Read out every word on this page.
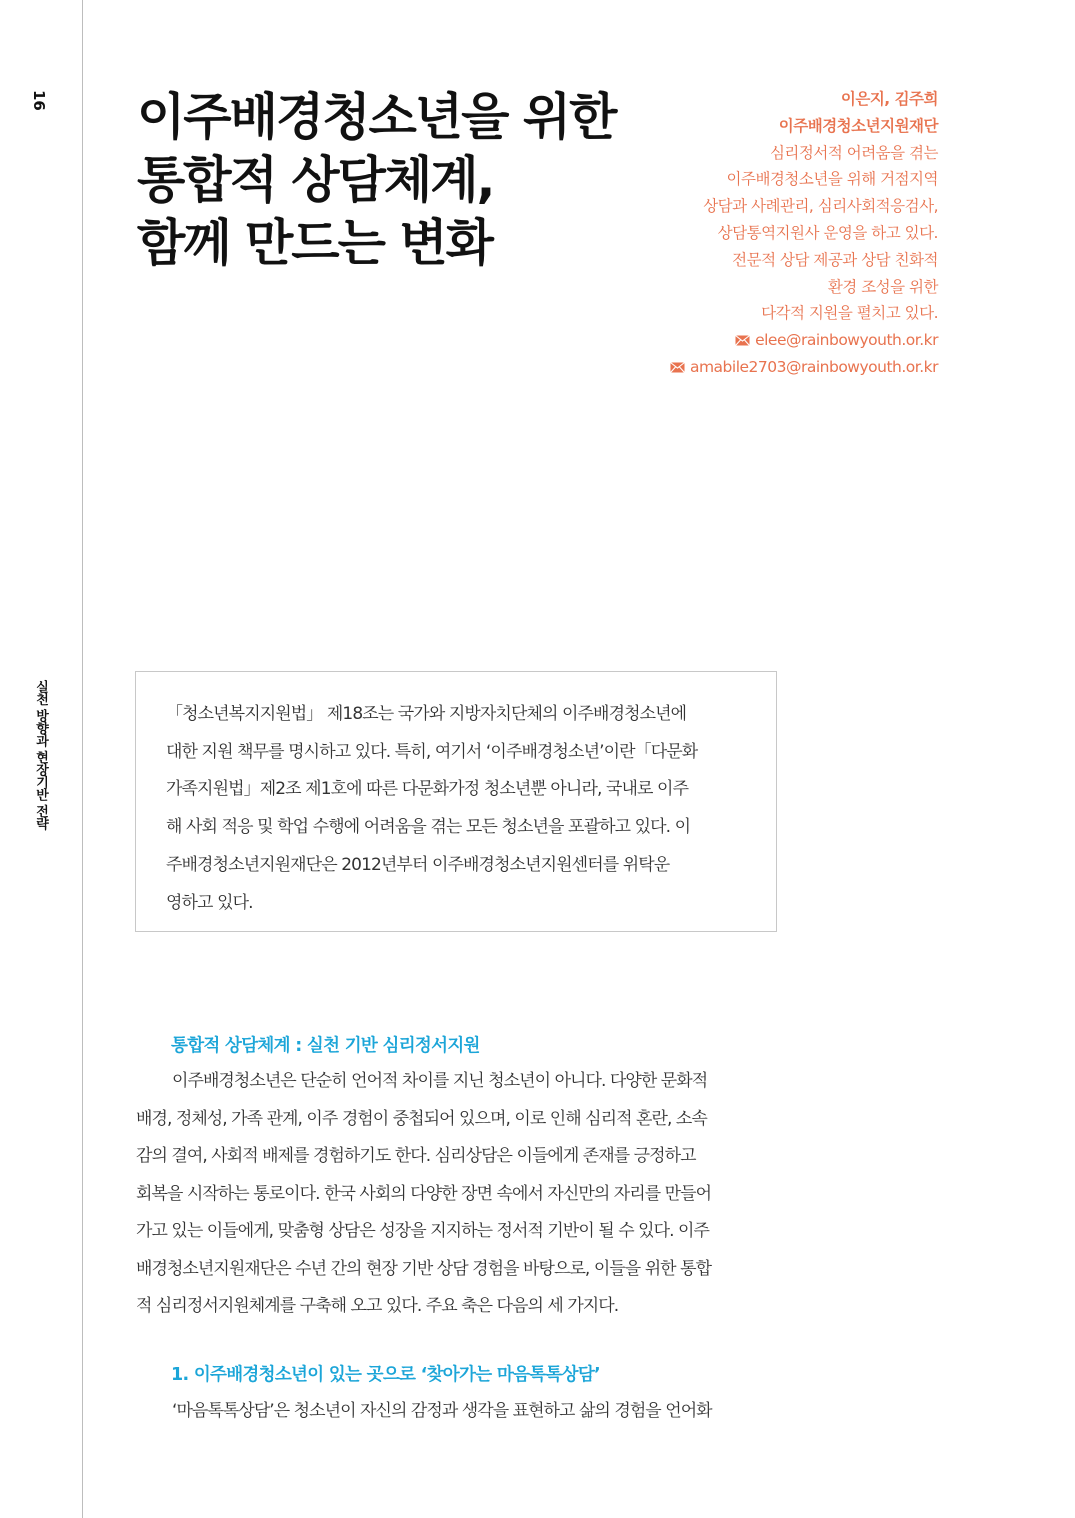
16
실천 방향과 현장기반 전략
이주배경청소년을 위한
통합적 상담체계,
함께 만드는 변화
이은지, 김주희
이주배경청소년지원재단
심리정서적 어려움을 겪는
이주배경청소년을 위해 거점지역
상담과 사례관리, 심리사회적응검사,
상담통역지원사 운영을 하고 있다.
전문적 상담 제공과 상담 친화적
환경 조성을 위한
다각적 지원을 펼치고 있다.
elee@rainbowyouth.or.kr
amabile2703@rainbowyouth.or.kr
「청소년복지지원법」 제18조는 국가와 지방자치단체의 이주배경청소년에
대한 지원 책무를 명시하고 있다. 특히, 여기서 ‘이주배경청소년’이란「다문화
가족지원법」제2조 제1호에 따른 다문화가정 청소년뿐 아니라, 국내로 이주
해 사회 적응 및 학업 수행에 어려움을 겪는 모든 청소년을 포괄하고 있다. 이
주배경청소년지원재단은 2012년부터 이주배경청소년지원센터를 위탁운
영하고 있다.
통합적 상담체계 : 실천 기반 심리정서지원
이주배경청소년은 단순히 언어적 차이를 지닌 청소년이 아니다. 다양한 문화적
배경, 정체성, 가족 관계, 이주 경험이 중첩되어 있으며, 이로 인해 심리적 혼란, 소속
감의 결여, 사회적 배제를 경험하기도 한다. 심리상담은 이들에게 존재를 긍정하고
회복을 시작하는 통로이다. 한국 사회의 다양한 장면 속에서 자신만의 자리를 만들어
가고 있는 이들에게, 맞춤형 상담은 성장을 지지하는 정서적 기반이 될 수 있다. 이주
배경청소년지원재단은 수년 간의 현장 기반 상담 경험을 바탕으로, 이들을 위한 통합
적 심리정서지원체계를 구축해 오고 있다. 주요 축은 다음의 세 가지다.
1. 이주배경청소년이 있는 곳으로 ‘찾아가는 마음톡톡상담’
‘마음톡톡상담’은 청소년이 자신의 감정과 생각을 표현하고 삶의 경험을 언어화
